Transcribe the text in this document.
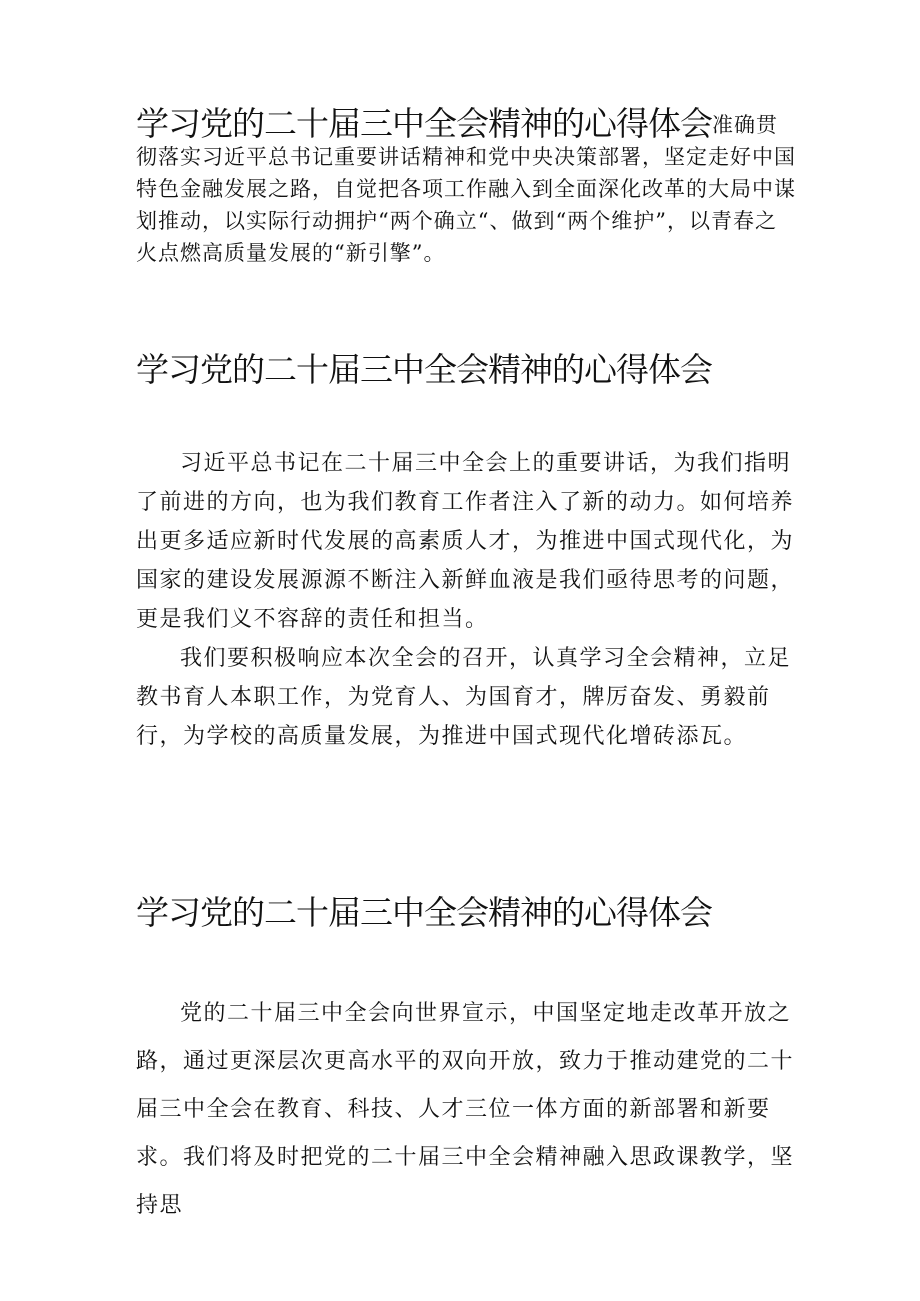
学习党的二十届三中全会精神的心得体会准确贯彻落实习近平总书记重要讲话精神和党中央决策部署，坚定走好中国特色金融发展之路，自觉把各项工作融入到全面深化改革的大局中谋划推动，以实际行动拥护“两个确立“、做到“两个维护”，以青春之火点燃高质量发展的“新引擎”。
学习党的二十届三中全会精神的心得体会

习近平总书记在二十届三中全会上的重要讲话，为我们指明了前进的方向，也为我们教育工作者注入了新的动力。如何培养出更多适应新时代发展的高素质人才，为推进中国式现代化，为国家的建设发展源源不断注入新鲜血液是我们亟待思考的问题，更是我们义不容辞的责任和担当。

我们要积极响应本次全会的召开，认真学习全会精神，立足教书育人本职工作，为党育人、为国育才，牌厉奋发、勇毅前行，为学校的高质量发展，为推进中国式现代化增砖添瓦。

学习党的二十届三中全会精神的心得体会

党的二十届三中全会向世界宣示，中国坚定地走改革开放之路，通过更深层次更高水平的双向开放，致力于推动建党的二十届三中全会在教育、科技、人才三位一体方面的新部署和新要求。我们将及时把党的二十届三中全会精神融入思政课教学，坚持思
